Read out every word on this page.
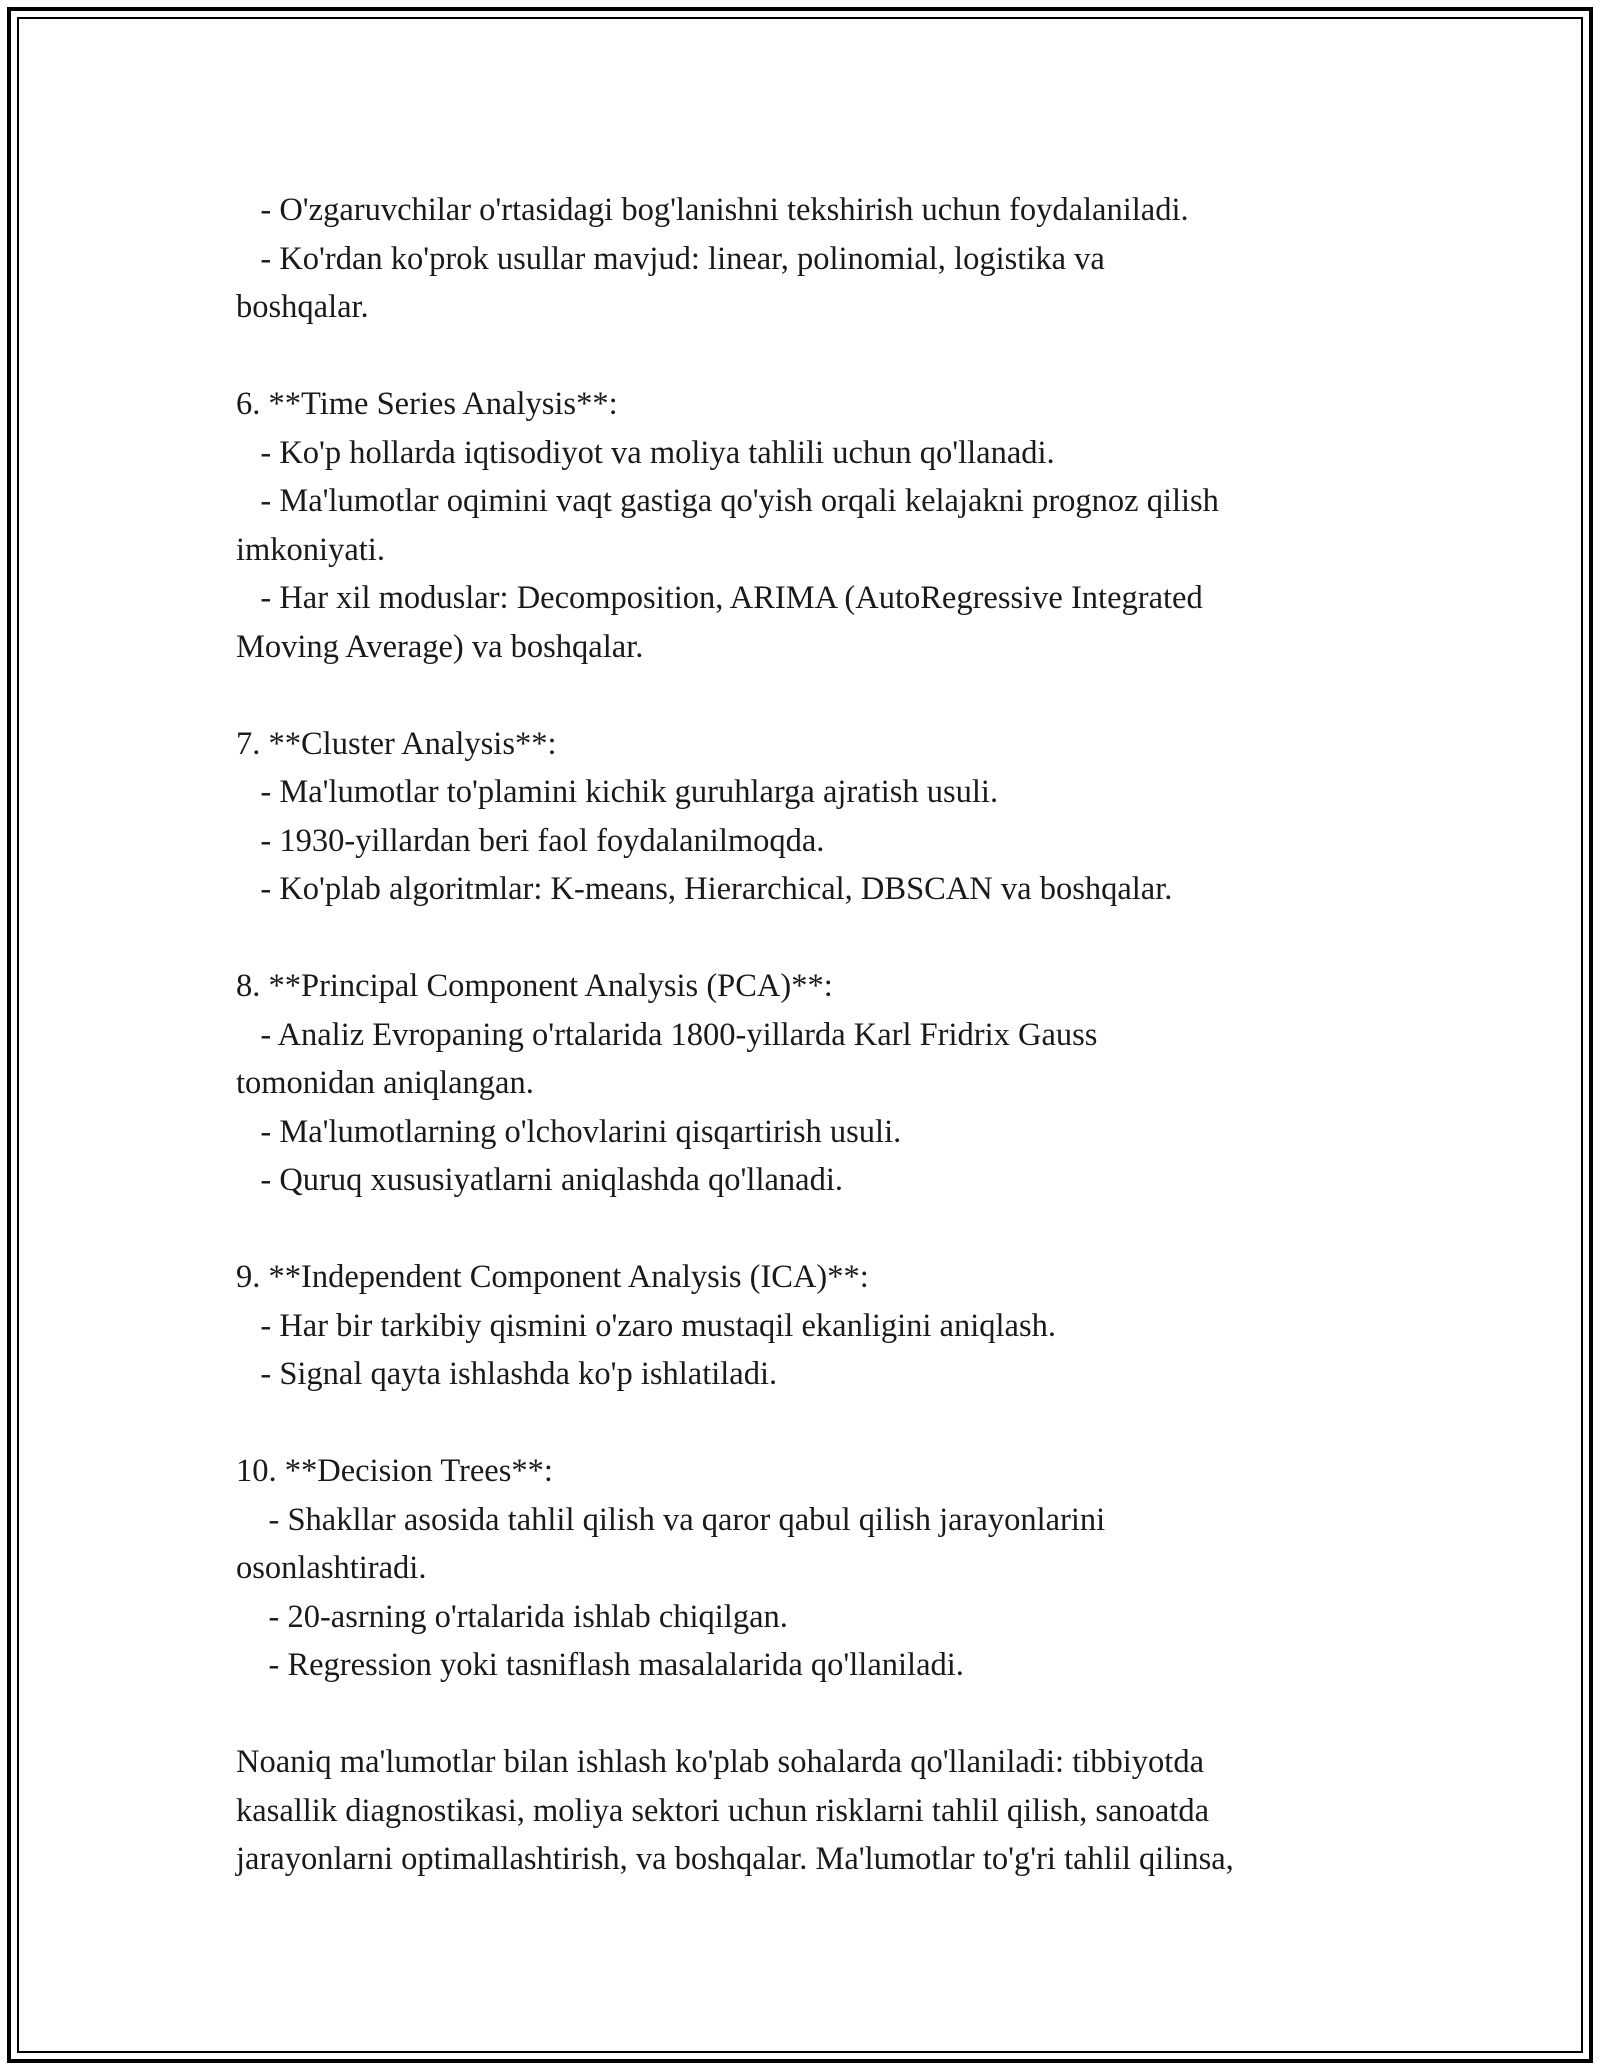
- O'zgaruvchilar o'rtasidagi bog'lanishni tekshirish uchun foydalaniladi.

- Ko'rdan ko'prok usullar mavjud: linear, polinomial, logistika va

boshqalar.

6. **Time Series Analysis**:

- Ko'p hollarda iqtisodiyot va moliya tahlili uchun qo'llanadi.

- Ma'lumotlar oqimini vaqt gastiga qo'yish orqali kelajakni prognoz qilish

imkoniyati.

- Har xil moduslar: Decomposition, ARIMA (AutoRegressive Integrated

Moving Average) va boshqalar.

7. **Cluster Analysis**:

- Ma'lumotlar to'plamini kichik guruhlarga ajratish usuli.

- 1930-yillardan beri faol foydalanilmoqda.

- Ko'plab algoritmlar: K-means, Hierarchical, DBSCAN va boshqalar.

8. **Principal Component Analysis (PCA)**:

- Analiz Evropaning o'rtalarida 1800-yillarda Karl Fridrix Gauss

tomonidan aniqlangan.

- Ma'lumotlarning o'lchovlarini qisqartirish usuli.

- Quruq xususiyatlarni aniqlashda qo'llanadi.

9. **Independent Component Analysis (ICA)**:

- Har bir tarkibiy qismini o'zaro mustaqil ekanligini aniqlash.

- Signal qayta ishlashda ko'p ishlatiladi.

10. **Decision Trees**:

- Shakllar asosida tahlil qilish va qaror qabul qilish jarayonlarini

osonlashtiradi.

- 20-asrning o'rtalarida ishlab chiqilgan.

- Regression yoki tasniflash masalalarida qo'llaniladi.

Noaniq ma'lumotlar bilan ishlash ko'plab sohalarda qo'llaniladi: tibbiyotda

kasallik diagnostikasi, moliya sektori uchun risklarni tahlil qilish, sanoatda

jarayonlarni optimallashtirish, va boshqalar. Ma'lumotlar to'g'ri tahlil qilinsa,
